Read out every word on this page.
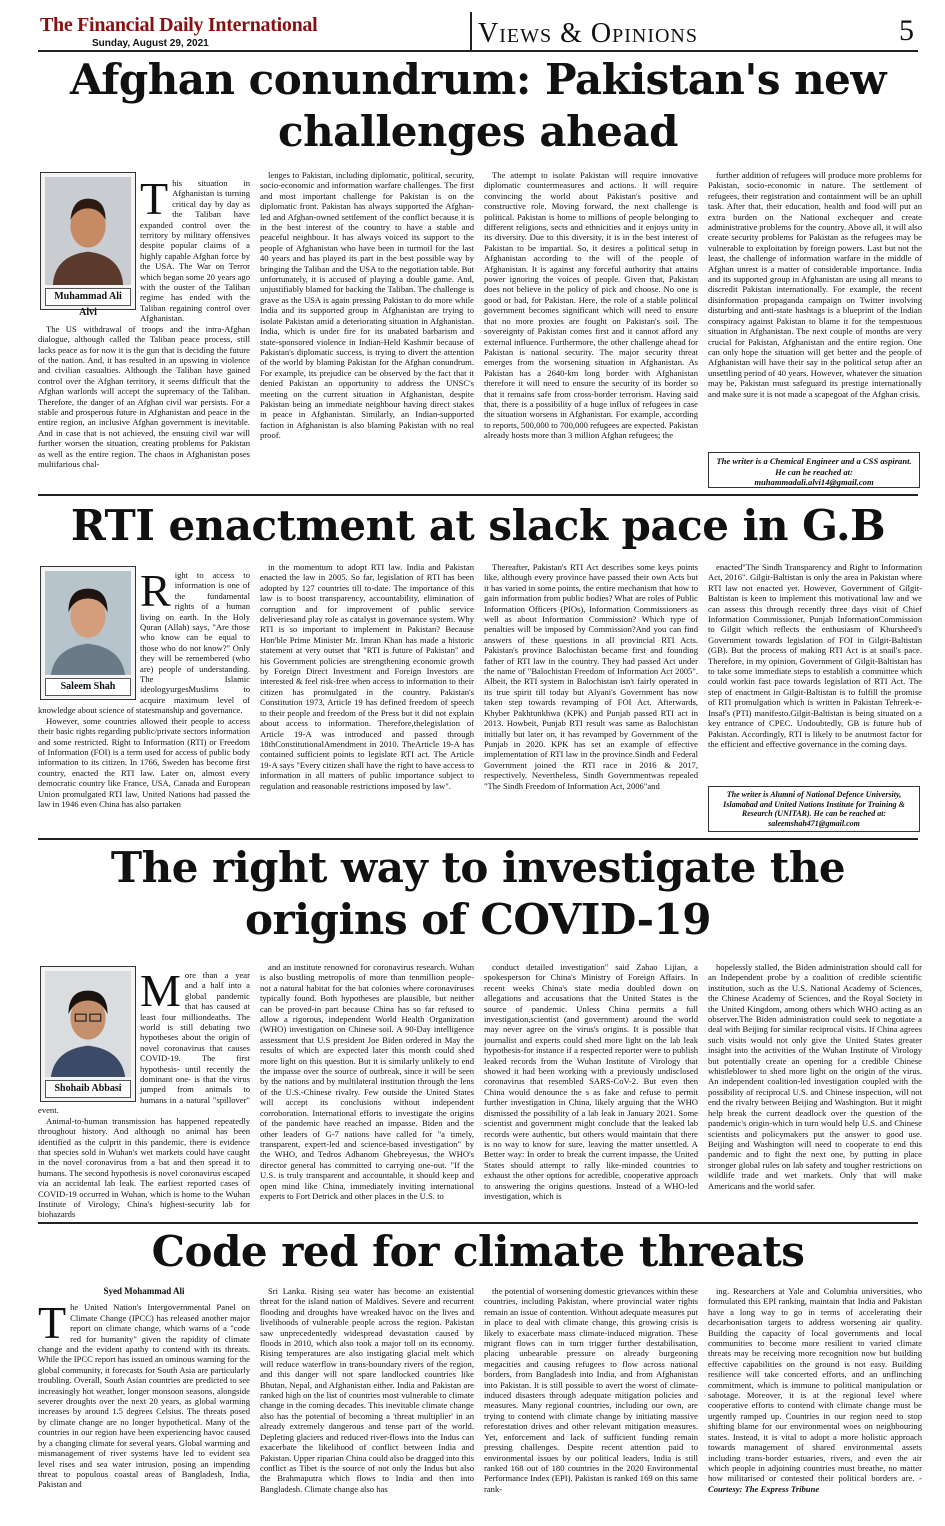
The Financial Daily International
Sunday, August 29, 2021	Views & Opinions	5
Afghan conundrum: Pakistan's new
challenges ahead
Muhammad Ali Alvi

This situation in Afghanistan is turning critical day by day as the Taliban have expanded control over the territory by military offensives despite popular claims of a highly capable Afghan force by the USA. The War on Terror which began some 20 years ago with the ouster of the Taliban regime has ended with the Taliban regaining control over Afghanistan.

The US withdrawal of troops and the intra-Afghan dialogue, although called the Taliban peace process, still lacks peace as for now it is the gun that is deciding the future of the nation. And, it has resulted in an upswing in violence and civilian casualties. Although the Taliban have gained control over the Afghan territory, it seems difficult that the Afghan warlords will accept the supremacy of the Taliban. Therefore, the danger of an Afghan civil war persists. For a stable and prosperous future in Afghanistan and peace in the entire region, an inclusive Afghan government is inevitable. And in case that is not achieved, the ensuing civil war will further worsen the situation, creating problems for Pakistan as well as the entire region. The chaos in Afghanistan poses multifarious chal-

lenges to Pakistan, including diplomatic, political, security, socio-economic and information warfare challenges. The first and most important challenge for Pakistan is on the diplomatic front. Pakistan has always supported the Afghan-led and Afghan-owned settlement of the conflict because it is in the best interest of the country to have a stable and peaceful neighbour. It has always voiced its support to the people of Afghanistan who have been in turmoil for the last 40 years and has played its part in the best possible way by bringing the Taliban and the USA to the negotiation table. But unfortunately, it is accused of playing a double game. And, unjustifiably blamed for backing the Taliban. The challenge is grave as the USA is again pressing Pakistan to do more while India and its supported group in Afghanistan are trying to isolate Pakistan amid a deteriorating situation in Afghanistan. India, which is under fire for its unabated barbarism and state-sponsored violence in Indian-Held Kashmir because of Pakistan's diplomatic success, is trying to divert the attention of the world by blaming Pakistan for the Afghan conundrum. For example, its prejudice can be observed by the fact that it denied Pakistan an opportunity to address the UNSC's meeting on the current situation in Afghanistan, despite Pakistan being an immediate neighbour having direct stakes in peace in Afghanistan. Similarly, an Indian-supported faction in Afghanistan is also blaming Pakistan with no real proof.

The attempt to isolate Pakistan will require innovative diplomatic countermeasures and actions. It will require convincing the world about Pakistan's positive and constructive role. Moving forward, the next challenge is political. Pakistan is home to millions of people belonging to different religions, sects and ethnicities and it enjoys unity in its diversity. Due to this diversity, it is in the best interest of Pakistan to be impartial. So, it desires a political setup in Afghanistan according to the will of the people of Afghanistan. It is against any forceful authority that attains power ignoring the voices of people. Given that, Pakistan does not believe in the policy of pick and choose. No one is good or bad, for Pakistan. Here, the role of a stable political government becomes significant which will need to ensure that no more proxies are fought on Pakistan's soil. The sovereignty of Pakistan comes first and it cannot afford any external influence. Furthermore, the other challenge ahead for Pakistan is national security. The major security threat emerges from the worsening situation in Afghanistan. As Pakistan has a 2640-km long border with Afghanistan therefore it will need to ensure the security of its border so that it remains safe from cross-border terrorism. Having said that, there is a possibility of a huge influx of refugees in case the situation worsens in Afghanistan. For example, according to reports, 500,000 to 700,000 refugees are expected. Pakistan already hosts more than 3 million Afghan refugees; the

further addition of refugees will produce more problems for Pakistan, socio-economic in nature. The settlement of refugees, their registration and containment will be an uphill task. After that, their education, health and food will put an extra burden on the National exchequer and create administrative problems for the country. Above all, it will also create security problems for Pakistan as the refugees may be vulnerable to exploitation by foreign powers. Last but not the least, the challenge of information warfare in the middle of Afghan unrest is a matter of considerable importance. India and its supported group in Afghanistan are using all means to discredit Pakistan internationally. For example, the recent disinformation propaganda campaign on Twitter involving disturbing and anti-state hashtags is a blueprint of the Indian conspiracy against Pakistan to blame it for the tempestuous situation in Afghanistan. The next couple of months are very crucial for Pakistan, Afghanistan and the entire region. One can only hope the situation will get better and the people of Afghanistan will have their say in the political setup after an unsettling period of 40 years. However, whatever the situation may be, Pakistan must safeguard its prestige internationally and make sure it is not made a scapegoat of the Afghan crisis.

The writer is a Chemical Engineer and a CSS aspirant. He can be reached at:
muhammadali.alvi14@gmail.com
RTI enactment at slack pace in G.B
Saleem Shah

Right to access to information is one of the fundamental rights of a human living on earth. In the Holy Quran (Allah) says, "Are those who know can be equal to those who do not know?" Only they will be remembered (who are) people of understanding. The Islamic ideologyurgesMuslims to acquire maximum level of knowledge about science of statesmanship and governance.

However, some countries allowed their people to access their basic rights regarding public/private sectors information and some restricted. Right to Information (RTI) or Freedom of Information (FOI) is a term used for access of public body information to its citizen. In 1766, Sweden has become first country, enacted the RTI law. Later on, almost every democratic country like France, USA, Canada and European Union promulgated RTI law, United Nations had passed the law in 1946 even China has also partaken

in the momentum to adopt RTI law. India and Pakistan enacted the law in 2005. So far, legislation of RTI has been adopted by 127 countries till to-date. The importance of this law is to boost transparency, accountability, elimination of corruption and for improvement of public service deliveriesand play role as catalyst in governance system. Why RTI is so important to implement in Pakistan? Because Hon'ble Prime Minister Mr. Imran Khan has made a historic statement at very outset that "RTI is future of Pakistan" and his Government policies are strengthening economic growth by Foreign Direct Investment and Foreign Investors are interested & feel risk-free when access to information to their citizen has promulgated in the country. Pakistan's Constitution 1973, Article 19 has defined freedom of speech to their people and freedom of the Press but it did not explain about access to information. Therefore,thelegislation of Article 19-A was introduced and passed through 18thConstitutionalAmendment in 2010. TheArticle 19-A has contained sufficient points to legislate RTI act. The Article 19-A says "Every citizen shall have the right to have access to information in all matters of public importance subject to regulation and reasonable restrictions imposed by law".

Thereafter, Pakistan's RTI Act describes some keys points like, although every province have passed their own Acts but it has varied in some points, the entire mechanism that how to gain information from public bodies? What are roles of Public Information Officers (PIOs), Information Commissioners as well as about Information Commission? Which type of penalties will be imposed by Commission?And you can find answers of these questions in all provincial RTI Acts. Pakistan's province Balochistan became first and founding father of RTI law in the country. They had passed Act under the name of "Balochistan Freedom of Information Act 2005". Albeit, the RTI system in Balochistan isn't fairly operated in its true spirit till today but Alyani's Government has now taken step towards revamping of FOI Act. Afterwards, Khyber Pakhtunkhwa (KPK) and Punjab passed RTI act in 2013. Howbeit, Punjab RTI result was same as Balochistan initially but later on, it has revamped by Government of the Punjab in 2020. KPK has set an example of effective implementation of RTI law in the province.Sindh and Federal Government joined the RTI race in 2016 & 2017, respectively. Nevertheless, Sindh Governmentwas repealed "The Sindh Freedom of Information Act, 2006"and

enacted"The Sindh Transparency and Right to Information Act, 2016". Gilgit-Baltistan is only the area in Pakistan where RTI law not enacted yet. However, Government of Gilgit-Baltistan is keen to implement this motivational law and we can assess this through recently three days visit of Chief Information Commissioner, Punjab InformationCommission to Gilgit which reflects the enthusiasm of Khursheed's Government towards legislation of FOI in Gilgit-Baltistan (GB). But the process of making RTI Act is at snail's pace. Therefore, in my opinion, Government of Gilgit-Baltistan has to take some immediate steps to establish a committee which could workin fast pace towards legislation of RTI Act. The step of enactment in Gilgit-Baltistan is to fulfill the promise of RTI promulgation which is written in Pakistan Tehreek-e-Insaf's (PTI) manifesto.Gilgit-Baltistan is being situated on a key entrance of CPEC. Undoubtedly, GB is future hub of Pakistan. Accordingly, RTI is likely to be anutmost factor for the efficient and effective governance in the coming days.

The writer is Alumni of National Defence University, Islamabad and United Nations Institute for Training & Research (UNITAR). He can be reached at:
saleemshah471@gmail.com
The right way to investigate the
origins of COVID-19
Shohaib Abbasi

More than a year and a half into a global pandemic that has caused at least four milliondeaths. The world is still debating two hypotheses about the origin of novel coronavirus that causes COVID-19. The first hypothesis- until recently the dominant one- is that the virus jumped from animals to humans in a natural "spillover" event.

Animal-to-human transmission has happened repeatedly throughout history. And although no animal has been identified as the culprit in this pandemic, there is evidence that species sold in Wuhan's wet markets could have caught in the novel coronavirus from a bat and then spread it to humans. The second hypothesis is novel coronavirus escaped via an accidental lab leak. The earliest reported cases of COVID-19 occurred in Wuhan, which is home to the Wuhan Institute of Virology, China's highest-security lab for biohazards

and an institute renowned for coronavirus research. Wuhan is also bustling metropolis of more than tenmillion people- not a natural habitat for the bat colonies where coronaviruses typically found. Both hypotheses are plausible, but neither can be proved-in part because China has so far refused to allow a rigorous, independent World Health Organization (WHO) investigation on Chinese soil. A 90-Day intelligence assessment that U.S president Joe Biden ordered in May the results of which are expected later this month could shed more light on this question. But it is similarly unlikely to end the impasse over the source of outbreak, since it will be seen by the nations and by multilateral institution through the lens of the U.S.-Chinese rivalry. Few outside the United States will accept its conclusions without independent corroboration. International efforts to investigate the origins of the pandemic have reached an impasse. Biden and the other leaders of G-7 nations have called for "a timely, transparent, expert-led and science-based investigation" by the WHO, and Tedros Adhanom Ghebreyesus, the WHO's director general has committed to carrying one-out. "If the U.S. is truly transparent and accountable, it should keep and open mind like China, immediately inviting international experts to Fort Detrick and other places in the U.S. to

conduct detailed investigation" said Zahao Lijian, a spokesperson for China's Ministry of Foreign Affairs. In recent weeks China's state media doubled down on allegations and accusations that the United States is the source of pandemic. Unless China permits a full investigation,scientist (and government) around the world may never agree on the virus's origins. It is possible that journalist and experts could shed more light on the lab leak hypothesis-for instance if a respected reporter were to publish leaked records from the Wuhan Institute of Virology that showed it had been working with a previously undisclosed coronavirus that resembled SARS-CoV-2. But even then China would denounce the s as fake and refuse to permit further investigation in China, likely arguing that the WHO dismissed the possibility of a lab leak in January 2021. Some scientist and government might conclude that the leaked lab records were authentic, but others would maintain that there is no way to know for sure, leaving the matter unsettled. A Better way: In order to break the current impasse, the United States should attempt to rally like-minded countries to exhaust the other options for acredible, cooperative approach to answering the origins questions. Instead of a WHO-led investigation, which is

hopelessly stalled, the Biden administration should call for an Independent probe by a coalition of credible scientific institution, such as the U.S. National Academy of Sciences, the Chinese Academy of Sciences, and the Royal Society in the United Kingdom, among others which WHO acting as an observer.The Biden administration could seek to negotiate a deal with Beijing for similar reciprocal visits. If China agrees such visits would not only give the United States greater insight into the activities of the Wuhan Institute of Virology but potentially create an opening for a credible Chinese whistleblower to shed more light on the origin of the virus. An independent coalition-led investigation coupled with the possibility of reciprocal U.S. and Chinese inspection, will not end the rivalry between Beijing and Washington. But it might help break the current deadlock over the question of the pandemic's origin-which in turn would help U.S. and Chinese scientists and policymakers put the answer to good use. Beijing and Washington will need to cooperate to end this pandemic and to fight the next one, by putting in place stronger global rules on lab safety and tougher restrictions on wildlife trade and wet markets. Only that will make Americans and the world safer.

Code red for climate threats

Syed Mohammad Ali

The United Nation's Intergovernmental Panel on Climate Change (IPCC) has released another major report on climate change, which warns of a "code red for humanity" given the rapidity of climate change and the evident apathy to contend with its threats. While the IPCC report has issued an ominous warning for the global community, it forecasts for South Asia are particularly troubling. Overall, South Asian countries are predicted to see increasingly hot weather, longer monsoon seasons, alongside severer droughts over the next 20 years, as global warming increases by around 1.5 degrees Celsius. The threats posed by climate change are no longer hypothetical. Many of the countries in our region have been experiencing havoc caused by a changing climate for several years. Global warming and mismanagement of river systems have led to evident sea level rises and sea water intrusion, posing an impending threat to populous coastal areas of Bangladesh, India, Pakistan and

Sri Lanka. Rising sea water has become an existential threat for the island nation of Maldives. Severe and recurrent flooding and droughts have wreaked havoc on the lives and livelihoods of vulnerable people across the region. Pakistan saw unprecedentedly widespread devastation caused by floods in 2010, which also took a major toll on its economy. Rising temperatures are also instigating glacial melt which will reduce waterflow in trans-boundary rivers of the region, and this danger will not spare landlocked countries like Bhutan, Nepal, and Afghanistan either. India and Pakistan are ranked high on the list of countries most vulnerable to climate change in the coming decades. This inevitable climate change also has the potential of becoming a 'threat multiplier' in an already extremely dangerous and tense part of the world. Depleting glaciers and reduced river-flows into the Indus can exacerbate the likelihood of conflict between India and Pakistan. Upper riparian China could also be dragged into this conflict as Tibet is the source of not only the Indus but also the Brahmaputra which flows to India and then into Bangladesh. Climate change also has

the potential of worsening domestic grievances within these countries, including Pakistan, where provincial water rights remain an issue of contention. Without adequate measures put in place to deal with climate change, this growing crisis is likely to exacerbate mass climate-induced migration. These migrant flows can in turn trigger further destabilisation, placing unbearable pressure on already burgeoning megacities and causing refugees to flow across national borders, from Bangladesh into India, and from Afghanistan into Pakistan. It is still possible to avert the worst of climate-induced disasters through adequate mitigation policies and measures. Many regional countries, including our own, are trying to contend with climate change by initiating massive reforestation drives and other relevant mitigation measures. Yet, enforcement and lack of sufficient funding remain pressing challenges. Despite recent attention paid to environmental issues by our political leaders, India is still ranked 168 out of 180 countries in the 2020 Environmental Performance Index (EPI). Pakistan is ranked 169 on this same rank-

ing. Researchers at Yale and Columbia universities, who formulated this EPI ranking, maintain that India and Pakistan have a long way to go in terms of accelerating their decarbonisation targets to address worsening air quality. Building the capacity of local governments and local communities to become more resilient to varied climate threats may be receiving more recognition now but building effective capabilities on the ground is not easy. Building resilience will take concerted efforts, and an unflinching commitment, which is immune to political manipulation or sabotage. Moreover, it is at the regional level where cooperative efforts to contend with climate change must be urgently ramped up. Countries in our region need to stop shifting blame for our environmental woes on neighbouring states. Instead, it is vital to adopt a more holistic approach towards management of shared environmental assets including trans-border estuaries, rivers, and even the air which people in adjoining countries must breathe, no matter how militarised or contested their political borders are. -Courtesy: The Express Tribune
